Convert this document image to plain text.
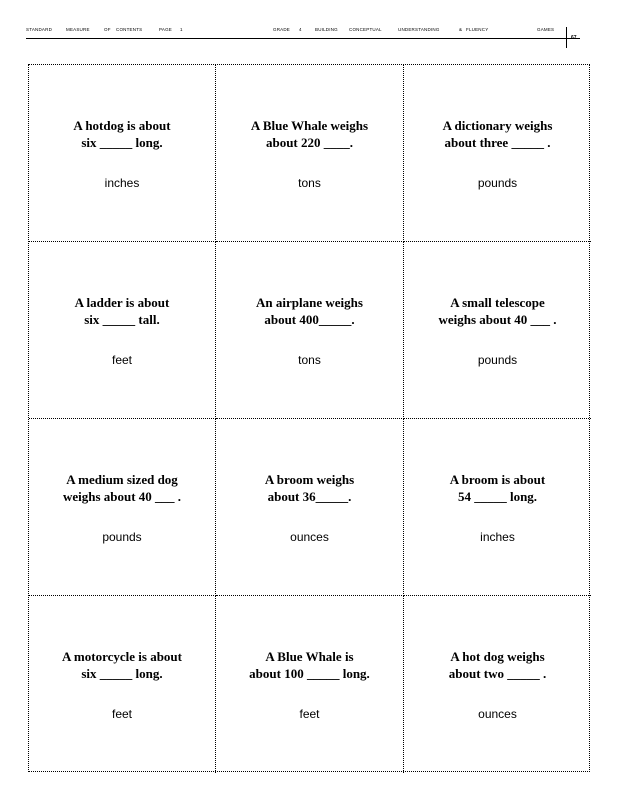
STANDARD	MEASURE	OF CONTENTS	PAGE 1	GRADE 4	BUILDING CONCEPTUAL	UNDERSTANDING	& FLUENCY	GAMES
67
A hotdog is about
six _____ long.
inches
A Blue Whale weighs
about 220 ____.
tons
A dictionary weighs
about three _____ .
pounds
A ladder is about
six _____ tall.
feet
An airplane weighs
about 400_____.
tons
A small telescope
weighs about 40 ___ .
pounds
A medium sized dog
weighs about 40 ___ .
pounds
A broom weighs
about 36_____.
ounces
A broom is about
54 _____ long.
inches
A motorcycle is about
six _____ long.
feet
A Blue Whale is
about 100 _____ long.
feet
A hot dog weighs
about two _____ .
ounces
